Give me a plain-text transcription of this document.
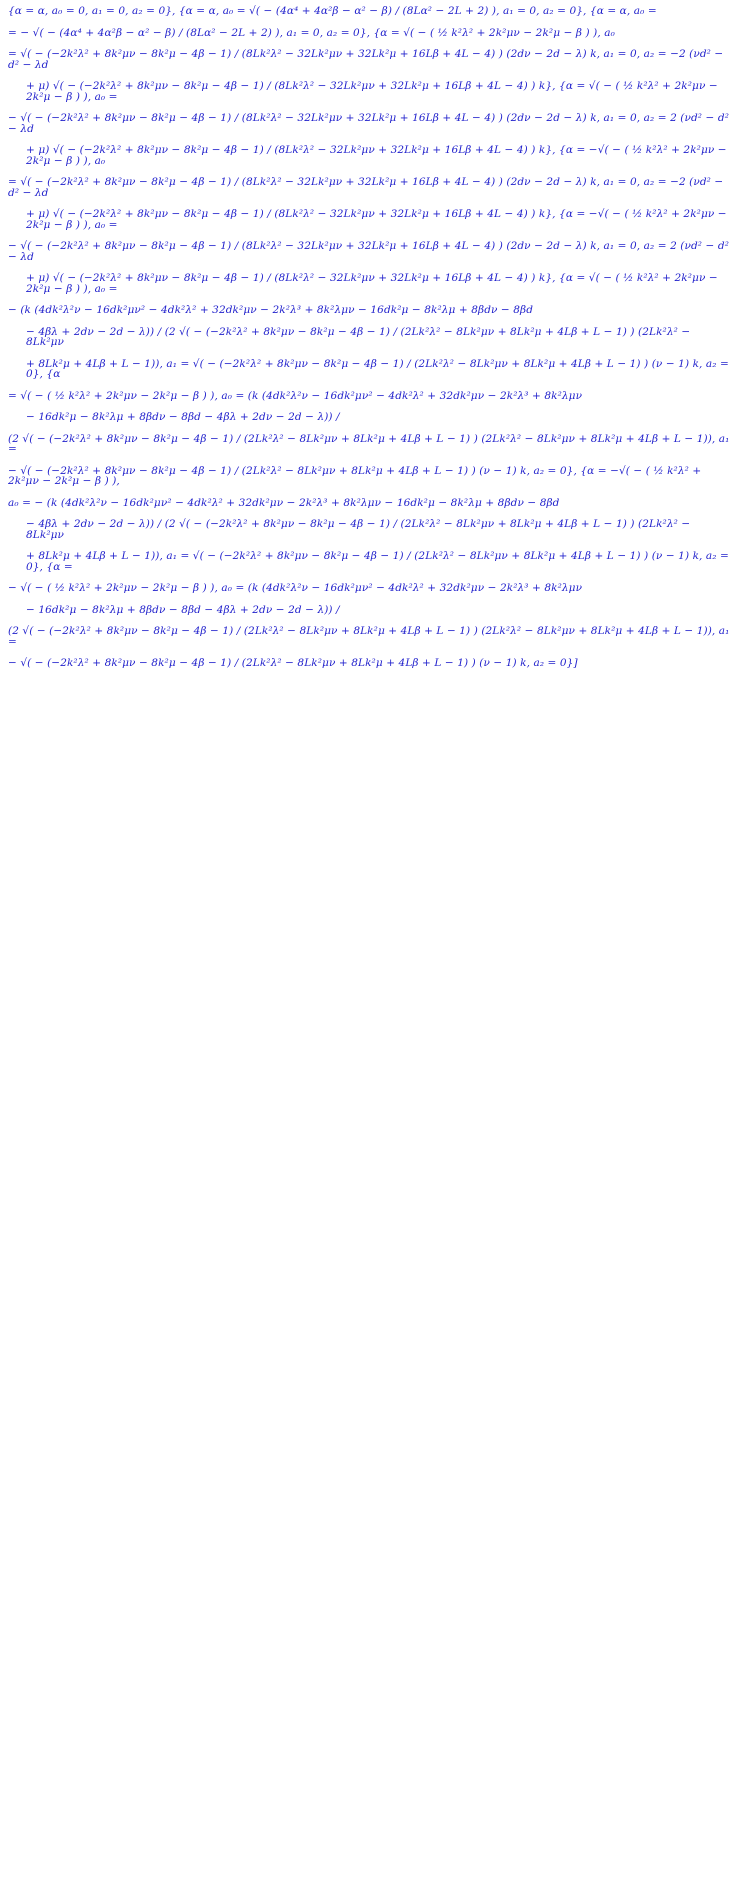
{α = α, a₀ = 0, a₁ = 0, a₂ = 0}, {α = α, a₀ = √( − (4α⁴ + 4α²β − α² − β) / (8Lα² − 2L + 2) ), a₁ = 0, a₂ = 0}, {α = α, a₀ =
= − √( − (4α⁴ + 4α²β − α² − β) / (8Lα² − 2L + 2) ), a₁ = 0, a₂ = 0}, {α = √( − ( ½ k²λ² + 2k²μν − 2k²μ − β ) ), a₀
= √( − (−2k²λ² + 8k²μν − 8k²μ − 4β − 1) / (8Lk²λ² − 32Lk²μν + 32Lk²μ + 16Lβ + 4L − 4) ) (2dν − 2d − λ) k, a₁ = 0, a₂ = −2 (νd² − d² − λd
+ μ) √( − (−2k²λ² + 8k²μν − 8k²μ − 4β − 1) / (8Lk²λ² − 32Lk²μν + 32Lk²μ + 16Lβ + 4L − 4) ) k}, {α = √( − ( ½ k²λ² + 2k²μν − 2k²μ − β ) ), a₀ =
− √( − (−2k²λ² + 8k²μν − 8k²μ − 4β − 1) / (8Lk²λ² − 32Lk²μν + 32Lk²μ + 16Lβ + 4L − 4) ) (2dν − 2d − λ) k, a₁ = 0, a₂ = 2 (νd² − d² − λd
+ μ) √( − (−2k²λ² + 8k²μν − 8k²μ − 4β − 1) / (8Lk²λ² − 32Lk²μν + 32Lk²μ + 16Lβ + 4L − 4) ) k}, {α = −√( − ( ½ k²λ² + 2k²μν − 2k²μ − β ) ), a₀
= √( − (−2k²λ² + 8k²μν − 8k²μ − 4β − 1) / (8Lk²λ² − 32Lk²μν + 32Lk²μ + 16Lβ + 4L − 4) ) (2dν − 2d − λ) k, a₁ = 0, a₂ = −2 (νd² − d² − λd
+ μ) √( − (−2k²λ² + 8k²μν − 8k²μ − 4β − 1) / (8Lk²λ² − 32Lk²μν + 32Lk²μ + 16Lβ + 4L − 4) ) k}, {α = −√( − ( ½ k²λ² + 2k²μν − 2k²μ − β ) ), a₀ =
− √( − (−2k²λ² + 8k²μν − 8k²μ − 4β − 1) / (8Lk²λ² − 32Lk²μν + 32Lk²μ + 16Lβ + 4L − 4) ) (2dν − 2d − λ) k, a₁ = 0, a₂ = 2 (νd² − d² − λd
+ μ) √( − (−2k²λ² + 8k²μν − 8k²μ − 4β − 1) / (8Lk²λ² − 32Lk²μν + 32Lk²μ + 16Lβ + 4L − 4) ) k}, {α = √( − ( ½ k²λ² + 2k²μν − 2k²μ − β ) ), a₀ =
− (k (4dk²λ²ν − 16dk²μν² − 4dk²λ² + 32dk²μν − 2k²λ³ + 8k²λμν − 16dk²μ − 8k²λμ + 8βdν − 8βd
− 4βλ + 2dν − 2d − λ)) / (2 √( − (−2k²λ² + 8k²μν − 8k²μ − 4β − 1) / (2Lk²λ² − 8Lk²μν + 8Lk²μ + 4Lβ + L − 1) ) (2Lk²λ² − 8Lk²μν
+ 8Lk²μ + 4Lβ + L − 1)), a₁ = √( − (−2k²λ² + 8k²μν − 8k²μ − 4β − 1) / (2Lk²λ² − 8Lk²μν + 8Lk²μ + 4Lβ + L − 1) ) (ν − 1) k, a₂ = 0}, {α
= √( − ( ½ k²λ² + 2k²μν − 2k²μ − β ) ), a₀ = (k (4dk²λ²ν − 16dk²μν² − 4dk²λ² + 32dk²μν − 2k²λ³ + 8k²λμν
− 16dk²μ − 8k²λμ + 8βdν − 8βd − 4βλ + 2dν − 2d − λ)) /
(2 √( − (−2k²λ² + 8k²μν − 8k²μ − 4β − 1) / (2Lk²λ² − 8Lk²μν + 8Lk²μ + 4Lβ + L − 1) ) (2Lk²λ² − 8Lk²μν + 8Lk²μ + 4Lβ + L − 1)), a₁ =
− √( − (−2k²λ² + 8k²μν − 8k²μ − 4β − 1) / (2Lk²λ² − 8Lk²μν + 8Lk²μ + 4Lβ + L − 1) ) (ν − 1) k, a₂ = 0}, {α = −√( − ( ½ k²λ² + 2k²μν − 2k²μ − β ) ),
a₀ = − (k (4dk²λ²ν − 16dk²μν² − 4dk²λ² + 32dk²μν − 2k²λ³ + 8k²λμν − 16dk²μ − 8k²λμ + 8βdν − 8βd
− 4βλ + 2dν − 2d − λ)) / (2 √( − (−2k²λ² + 8k²μν − 8k²μ − 4β − 1) / (2Lk²λ² − 8Lk²μν + 8Lk²μ + 4Lβ + L − 1) ) (2Lk²λ² − 8Lk²μν
+ 8Lk²μ + 4Lβ + L − 1)), a₁ = √( − (−2k²λ² + 8k²μν − 8k²μ − 4β − 1) / (2Lk²λ² − 8Lk²μν + 8Lk²μ + 4Lβ + L − 1) ) (ν − 1) k, a₂ = 0}, {α =
− √( − ( ½ k²λ² + 2k²μν − 2k²μ − β ) ), a₀ = (k (4dk²λ²ν − 16dk²μν² − 4dk²λ² + 32dk²μν − 2k²λ³ + 8k²λμν
− 16dk²μ − 8k²λμ + 8βdν − 8βd − 4βλ + 2dν − 2d − λ)) /
(2 √( − (−2k²λ² + 8k²μν − 8k²μ − 4β − 1) / (2Lk²λ² − 8Lk²μν + 8Lk²μ + 4Lβ + L − 1) ) (2Lk²λ² − 8Lk²μν + 8Lk²μ + 4Lβ + L − 1)), a₁ =
− √( − (−2k²λ² + 8k²μν − 8k²μ − 4β − 1) / (2Lk²λ² − 8Lk²μν + 8Lk²μ + 4Lβ + L − 1) ) (ν − 1) k, a₂ = 0}]
